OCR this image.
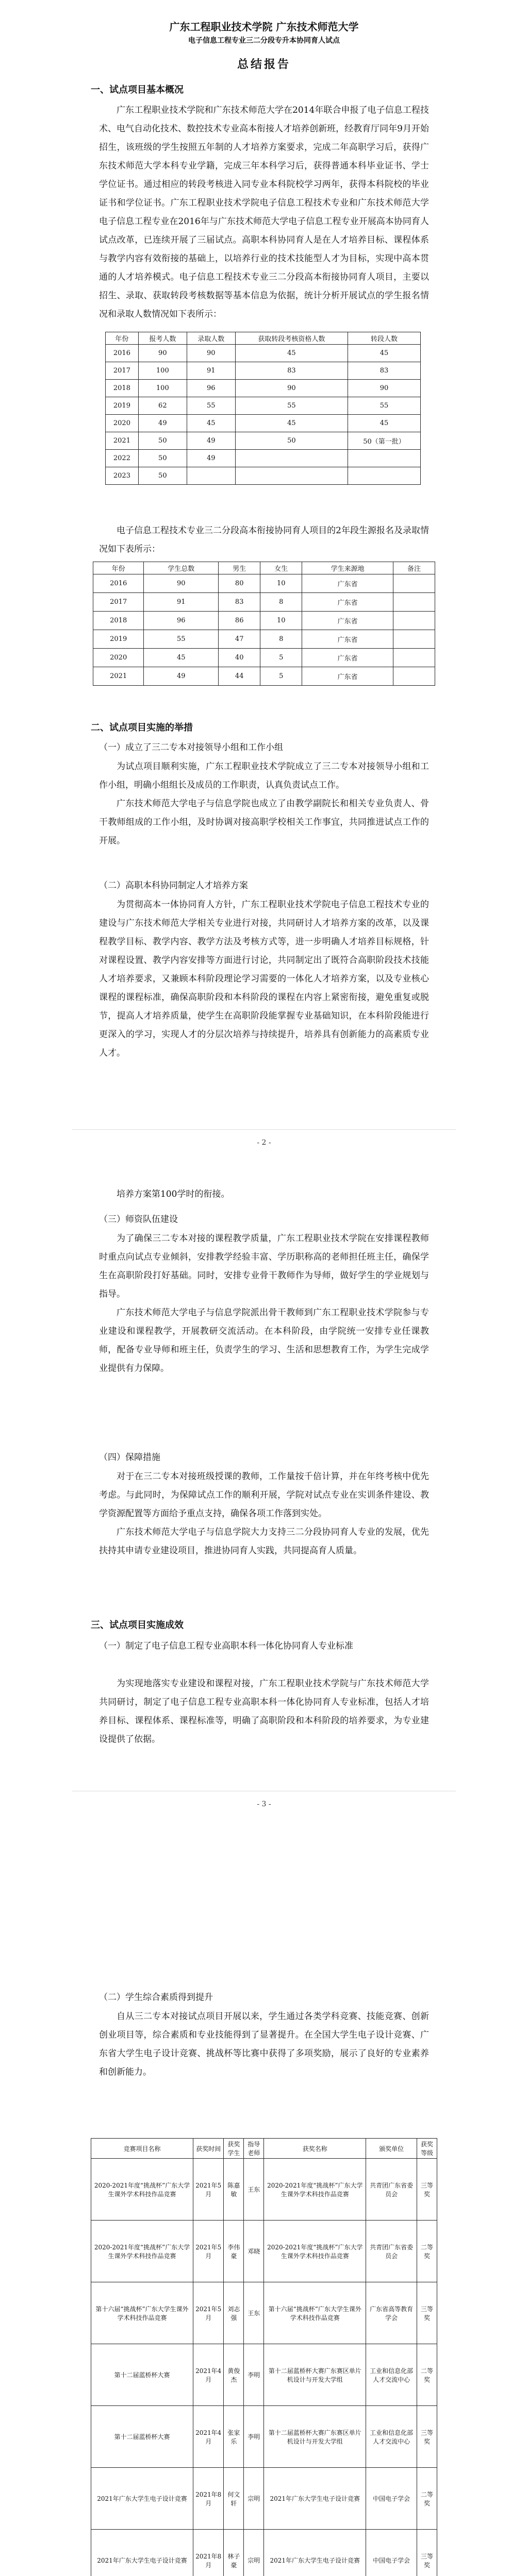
广东工程职业技术学院 广东技术师范大学
电子信息工程专业三二分段专升本协同育人试点
总结报告
一、试点项目基本概况

广东工程职业技术学院和广东技术师范大学在2014年联合申报了电子信息工程技术、电气自动化技术、数控技术专业高本衔接人才培养创新班，经教育厅同年9月开始招生，该班级的学生按照五年制的人才培养方案要求，完成二年高职学习后，获得广东技术师范大学本科专业学籍，完成三年本科学习后，获得普通本科毕业证书、学士学位证书。通过相应的转段考核进入同专业本科院校学习两年，获得本科院校的毕业证书和学位证书。广东工程职业技术学院电子信息工程技术专业和广东技术师范大学电子信息工程专业在2016年与广东技术师范大学电子信息工程专业开展高本协同育人试点改革，已连续开展了三届试点。高职本科协同育人是在人才培养目标、课程体系与教学内容有效衔接的基础上，以培养行业的技术技能型人才为目标，实现中高本贯通的人才培养模式。电子信息工程技术专业三二分段高本衔接协同育人项目，主要以招生、录取、获取转段考核数据等基本信息为依据，统计分析开展试点的学生报名情况和录取人数情况如下表所示：

年份	报考人数	录取人数	获取转段考核资格人数	转段人数
2016	90	90	45	45
2017	100	91	83	83
2018	100	96	90	90
2019	62	55	55	55
2020	49	45	45	45
2021	50	49	50	50（第一批）
2022	50	49		
2023	50			

电子信息工程技术专业三二分段高本衔接协同育人项目的2年段生源报名及录取情况如下表所示：

年份	学生总数	男生	女生	学生来源地	备注
2016	90	80	10	广东省	
2017	91	83	8	广东省	
2018	96	86	10	广东省	
2019	55	47	8	广东省	
2020	45	40	5	广东省	
2021	49	44	5	广东省	
二、试点项目实施的举措
（一）成立了三二专本对接领导小组和工作小组

为试点项目顺利实施，广东工程职业技术学院成立了三二专本对接领导小组和工作小组，明确小组组长及成员的工作职责，认真负责试点工作。

广东技术师范大学电子与信息学院也成立了由教学副院长和相关专业负责人、骨干教师组成的工作小组，及时协调对接高职学校相关工作事宜，共同推进试点工作的开展。

（二）高职本科协同制定人才培养方案

为贯彻高本一体协同育人方针，广东工程职业技术学院电子信息工程技术专业的建设与广东技术师范大学相关专业进行对接，共同研讨人才培养方案的改革，以及课程教学目标、教学内容、教学方法及考核方式等，进一步明确人才培养目标规格，针对课程设置、教学内容安排等方面进行讨论，共同制定出了既符合高职阶段技术技能人才培养要求，又兼顾本科阶段理论学习需要的一体化人才培养方案，以及专业核心课程的课程标准，确保高职阶段和本科阶段的课程在内容上紧密衔接，避免重复或脱节，提高人才培养质量，使学生在高职阶段能掌握专业基础知识，在本科阶段能进行更深入的学习，实现人才的分层次培养与持续提升，培养具有创新能力的高素质专业人才。

- 2 -

培养方案第100学时的衔接。

（三）师资队伍建设

为了确保三二专本对接的课程教学质量，广东工程职业技术学院在安排课程教师时重点向试点专业倾斜，安排教学经验丰富、学历职称高的老师担任班主任，确保学生在高职阶段打好基础。同时，安排专业骨干教师作为导师，做好学生的学业规划与指导。

广东技术师范大学电子与信息学院派出骨干教师到广东工程职业技术学院参与专业建设和课程教学，开展教研交流活动。在本科阶段，由学院统一安排专业任课教师，配备专业导师和班主任，负责学生的学习、生活和思想教育工作，为学生完成学业提供有力保障。

（四）保障措施

对于在三二专本对接班级授课的教师，工作量按千倍计算，并在年终考核中优先考虑。与此同时，为保障试点工作的顺利开展，学院对试点专业在实训条件建设、教学资源配置等方面给予重点支持，确保各项工作落到实处。

广东技术师范大学电子与信息学院大力支持三二分段协同育人专业的发展，优先扶持其申请专业建设项目，推进协同育人实践，共同提高育人质量。

三、试点项目实施成效
（一）制定了电子信息工程专业高职本科一体化协同育人专业标准

为实现地落实专业建设和课程对接，广东工程职业技术学院与广东技术师范大学共同研讨，制定了电子信息工程专业高职本科一体化协同育人专业标准，包括人才培养目标、课程体系、课程标准等，明确了高职阶段和本科阶段的培养要求，为专业建设提供了依据。

- 3 -
（二）学生综合素质得到提升

自从三二专本对接试点项目开展以来，学生通过各类学科竞赛、技能竞赛、创新创业项目等，综合素质和专业技能得到了显著提升。在全国大学生电子设计竞赛、广东省大学生电子设计竞赛、挑战杯等比赛中获得了多项奖励，展示了良好的专业素养和创新能力。

竞赛项目名称	获奖时间	获奖学生	指导老师	获奖名称	颁奖单位	获奖等级
2020-2021年度“挑战杯”广东大学生课外学术科技作品竞赛	2021年5月	陈嘉敏	王东	2020-2021年度“挑战杯”广东大学生课外学术科技作品竞赛	共青团广东省委员会	三等奖
2020-2021年度“挑战杯”广东大学生课外学术科技作品竞赛	2021年5月	李伟豪	邓晓	2020-2021年度“挑战杯”广东大学生课外学术科技作品竞赛	共青团广东省委员会	二等奖
第十六届“挑战杯”广东大学生课外学术科技作品竞赛	2021年5月	刘志强	王东	第十六届“挑战杯”广东大学生课外学术科技作品竞赛	广东省高等教育学会	三等奖
第十二届蓝桥杯大赛	2021年4月	黄俊杰	李明	第十二届蓝桥杯大赛广东赛区单片机设计与开发大学组	工业和信息化部人才交流中心	二等奖
第十二届蓝桥杯大赛	2021年4月	张家乐	李明	第十二届蓝桥杯大赛广东赛区单片机设计与开发大学组	工业和信息化部人才交流中心	三等奖
2021年广东大学生电子设计竞赛	2021年8月	何文轩	宗明	2021年广东大学生电子设计竞赛	中国电子学会	二等奖
2021年广东大学生电子设计竞赛	2021年8月	林子豪	宗明	2021年广东大学生电子设计竞赛	中国电子学会	三等奖
